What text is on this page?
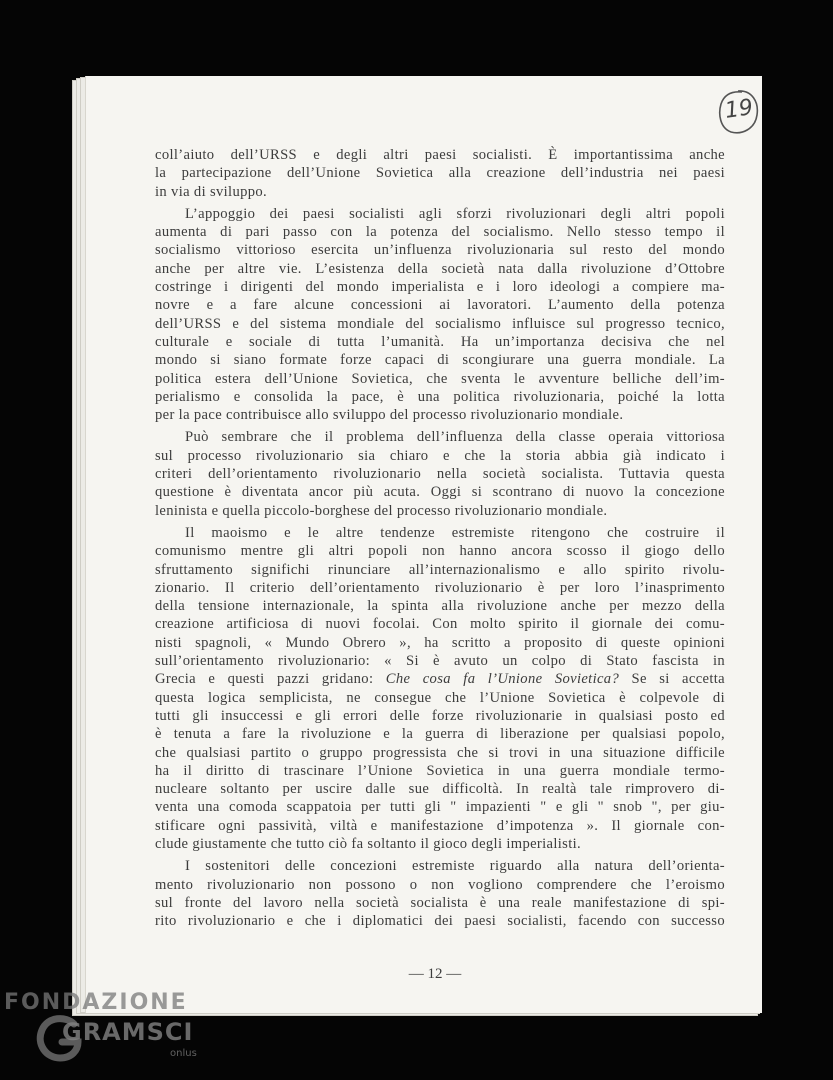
19
coll’aiuto dell’URSS e degli altri paesi socialisti. È importantissima anche
la partecipazione dell’Unione Sovietica alla creazione dell’industria nei paesi
in via di sviluppo.
L’appoggio dei paesi socialisti agli sforzi rivoluzionari degli altri popoli
aumenta di pari passo con la potenza del socialismo. Nello stesso tempo il
socialismo vittorioso esercita un’influenza rivoluzionaria sul resto del mondo
anche per altre vie. L’esistenza della società nata dalla rivoluzione d’Ottobre
costringe i dirigenti del mondo imperialista e i loro ideologi a compiere ma-
novre e a fare alcune concessioni ai lavoratori. L’aumento della potenza
dell’URSS e del sistema mondiale del socialismo influisce sul progresso tecnico,
culturale e sociale di tutta l’umanità. Ha un’importanza decisiva che nel
mondo si siano formate forze capaci di scongiurare una guerra mondiale. La
politica estera dell’Unione Sovietica, che sventa le avventure belliche dell’im-
perialismo e consolida la pace, è una politica rivoluzionaria, poiché la lotta
per la pace contribuisce allo sviluppo del processo rivoluzionario mondiale.
Può sembrare che il problema dell’influenza della classe operaia vittoriosa
sul processo rivoluzionario sia chiaro e che la storia abbia già indicato i
criteri dell’orientamento rivoluzionario nella società socialista. Tuttavia questa
questione è diventata ancor più acuta. Oggi si scontrano di nuovo la concezione
leninista e quella piccolo-borghese del processo rivoluzionario mondiale.
Il maoismo e le altre tendenze estremiste ritengono che costruire il
comunismo mentre gli altri popoli non hanno ancora scosso il giogo dello
sfruttamento significhi rinunciare all’internazionalismo e allo spirito rivolu-
zionario. Il criterio dell’orientamento rivoluzionario è per loro l’inasprimento
della tensione internazionale, la spinta alla rivoluzione anche per mezzo della
creazione artificiosa di nuovi focolai. Con molto spirito il giornale dei comu-
nisti spagnoli, « Mundo Obrero », ha scritto a proposito di queste opinioni
sull’orientamento rivoluzionario: « Si è avuto un colpo di Stato fascista in
Grecia e questi pazzi gridano: Che cosa fa l’Unione Sovietica? Se si accetta
questa logica semplicista, ne consegue che l’Unione Sovietica è colpevole di
tutti gli insuccessi e gli errori delle forze rivoluzionarie in qualsiasi posto ed
è tenuta a fare la rivoluzione e la guerra di liberazione per qualsiasi popolo,
che qualsiasi partito o gruppo progressista che si trovi in una situazione difficile
ha il diritto di trascinare l’Unione Sovietica in una guerra mondiale termo-
nucleare soltanto per uscire dalle sue difficoltà. In realtà tale rimprovero di-
venta una comoda scappatoia per tutti gli " impazienti " e gli " snob ", per giu-
stificare ogni passività, viltà e manifestazione d’impotenza ». Il giornale con-
clude giustamente che tutto ciò fa soltanto il gioco degli imperialisti.
I sostenitori delle concezioni estremiste riguardo alla natura dell’orienta-
mento rivoluzionario non possono o non vogliono comprendere che l’eroismo
sul fronte del lavoro nella società socialista è una reale manifestazione di spi-
rito rivoluzionario e che i diplomatici dei paesi socialisti, facendo con successo
— 12 —
FONDAZIONE
GRAMSCI
onlus
